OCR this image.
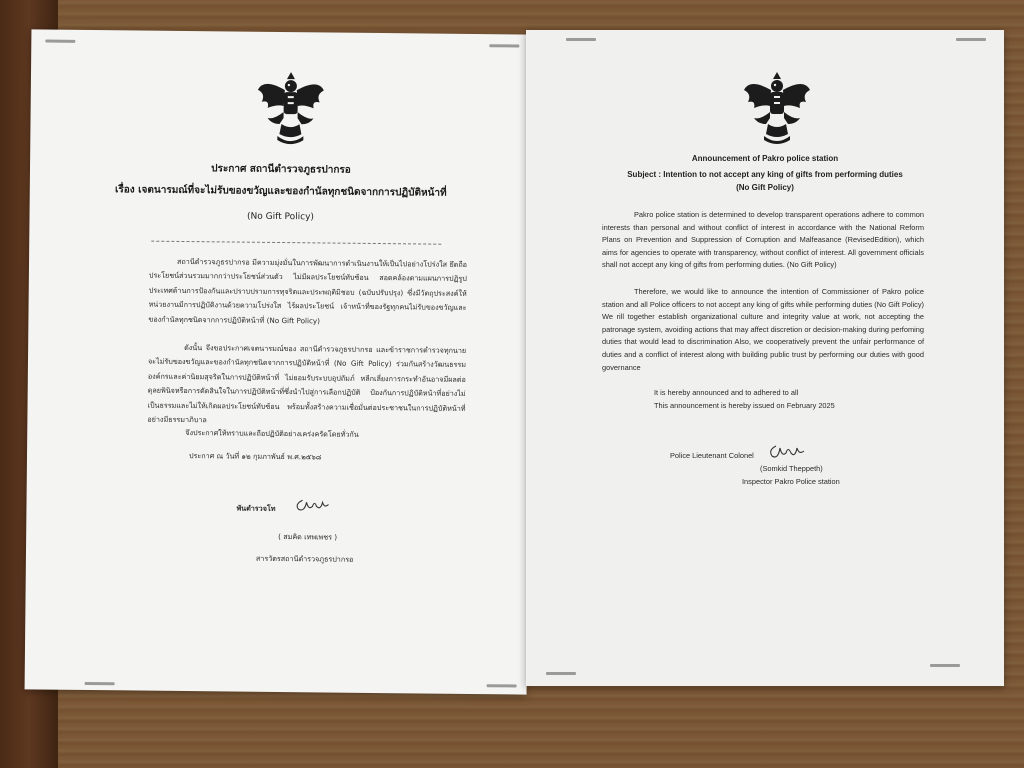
ประกาศ สถานีตำรวจภูธรปากรอ
เรื่อง เจตนารมณ์ที่จะไม่รับของขวัญและของกำนัลทุกชนิดจากการปฏิบัติหน้าที่
(No Gift Policy)
สถานีตำรวจภูธรปากรอ มีความมุ่งมั่นในการพัฒนาการดำเนินงานให้เป็นไปอย่างโปร่งใส ยึดถือประโยชน์ส่วนรวมมากกว่าประโยชน์ส่วนตัว ไม่มีผลประโยชน์ทับซ้อน สอดคล้องตามแผนการปฏิรูปประเทศด้านการป้องกันและปราบปรามการทุจริตและประพฤติมิชอบ (ฉบับปรับปรุง) ซึ่งมีวัตถุประสงค์ให้หน่วยงานมีการปฏิบัติงานด้วยความโปร่งใส ไร้ผลประโยชน์ เจ้าหน้าที่ของรัฐทุกคนไม่รับของขวัญและของกำนัลทุกชนิดจากการปฏิบัติหน้าที่ (No Gift Policy)
ดังนั้น จึงขอประกาศเจตนารมณ์ของ สถานีตำรวจภูธรปากรอ และข้าราชการตำรวจทุกนายจะไม่รับของขวัญและของกำนัลทุกชนิดจากการปฏิบัติหน้าที่ (No Gift Policy) ร่วมกันสร้างวัฒนธรรมองค์กรและค่านิยมสุจริตในการปฏิบัติหน้าที่ ไม่ยอมรับระบบอุปถัมภ์ หลีกเลี่ยงการกระทำอันอาจมีผลต่อดุลยพินิจหรือการตัดสินใจในการปฏิบัติหน้าที่ซึ่งนำไปสู่การเลือกปฏิบัติ ป้องกันการปฏิบัติหน้าที่อย่างไม่เป็นธรรมและไม่ให้เกิดผลประโยชน์ทับซ้อน พร้อมทั้งสร้างความเชื่อมั่นต่อประชาชนในการปฏิบัติหน้าที่ อย่างมีธรรมาภิบาล
จึงประกาศให้ทราบและถือปฏิบัติอย่างเคร่งครัดโดยทั่วกัน
ประกาศ ณ วันที่ ๑๒ กุมภาพันธ์ พ.ศ.๒๕๖๘
พันตำรวจโท
( สมคิด เทพเพชร )
สารวัตรสถานีตำรวจภูธรปากรอ
Announcement of Pakro police station
Subject : Intention to not accept any king of gifts from performing duties
(No Gift Policy)
Pakro police station is determined to develop transparent operations adhere to common interests than personal and without conflict of interest in accordance with the National Reform Plans on Prevention and Suppression of Corruption and Malfeasance (RevisedEdition), which aims for agencies to operate with transparency, without conflict of interest. All government officials shall not accept any king of gifts from performing duties. (No Gift Policy)
Therefore, we would like to announce the intention of Commissioner of Pakro police station and all Police officers to not accept any king of gifts while performing duties (No Gift Policy) We rill together establish organizational culture and integrity value at work, not accepting the patronage system, avoiding actions that may affect discretion or decision-making during perfoming duties that would lead to discrimination Also, we cooperatively prevent the unfair performance of duties and a conflict of interest along with building public trust by performing our duties with good governance
It is hereby announced and to adhered to all
This announcement is hereby issued on February 2025
Police Lieutenant Colonel
(Somkid Theppeth)
Inspector Pakro Police station
